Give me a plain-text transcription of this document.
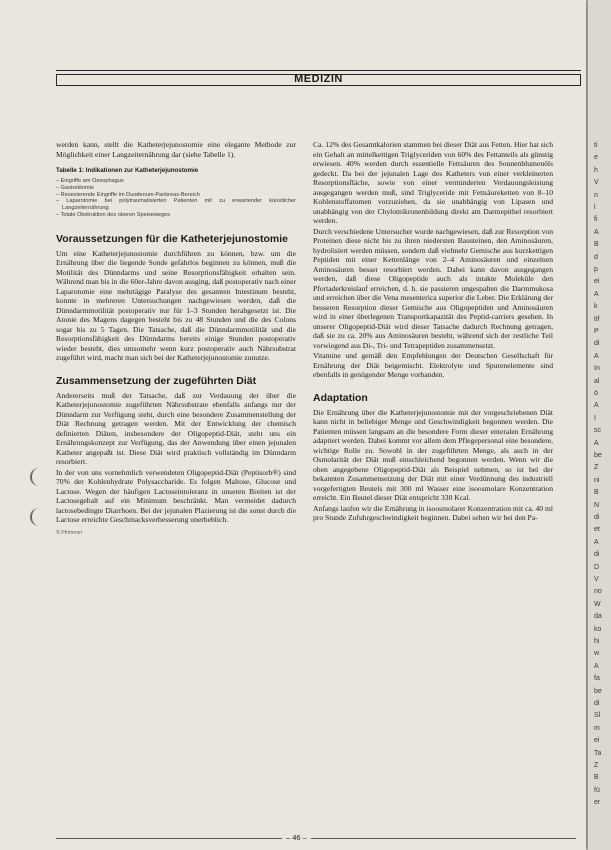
MEDIZIN

werden kann, stellt die Katheterjejunostomie eine elegante Methode zur Möglichkeit einer Langzeiternährung dar (siehe Tabelle 1).

Tabelle 1: Indikationen zur Katheterjejunostomie
– Eingriffe am Oesophagus
– Gastrektomie
– Resezierende Eingriffe im Duodenum-Pankreas-Bereich
– Laparotomie bei polytraumatisierten Patienten mit zu erwartender künstlicher Langzeiternährung
– Totale Obstruktion des oberen Speiseweges
Voraussetzungen für die Katheterjejunostomie

Um eine Katheterjejunostomie durchführen zu können, bzw. um die Ernährung über die liegende Sonde gefahrlos beginnen zu können, muß die Motilität des Dünndarms und seine Resorptionsfähigkeit erhalten sein. Während man bis in die 60er-Jahre davon ausging, daß postoperativ nach einer Laparotomie eine mehrtägige Paralyse des gesamten Intestinum besteht, konnte in mehreren Untersuchungen nachgewiesen werden, daß die Dünndarmmotilität postoperativ nur für 1–3 Stunden herabgesetzt ist. Die Atonie des Magens dagegen besteht bis zu 48 Stunden und die des Colons sogar bis zu 5 Tagen. Die Tatsache, daß die Dünndarmmotilität und die Resorptionsfähigkeit des Dünndarms bereits einige Stunden postoperativ wieder besteht, dies umsomehr wenn kurz postoperativ auch Nährsubstrat zugeführt wird, macht man sich bei der Katheterjejunostomie zunutze.

Zusammensetzung der zugeführten Diät

Andererseits muß der Tatsache, daß zur Verdauung der über die Katheterjejunostomie zugeführten Nährsubstrate ebenfalls anfangs nur der Dünndarm zur Verfügung steht, durch eine besondere Zusammenstellung der Diät Rechnung getragen werden. Mit der Entwicklung der chemisch definierten Diäten, insbesondere der Oligopeptid-Diät, steht uns ein Ernährungskonzept zur Verfügung, das der Anwendung über einen jejunalen Katheter angepaßt ist. Diese Diät wird praktisch vollständig im Dünndarm resorbiert.

In der von uns vornehmlich verwendeten Oligopeptid-Diät (Peptisorb®) sind 70% der Kohlenhydrate Polysaccharide. Es folgen Maltose, Glucose und Lactose. Wegen der häufigen Lactoseintoleranz in unseren Breiten ist der Lactosegehalt auf ein Minimum beschränkt. Man vermeidet dadurch lactosebedingte Diarrhoen. Bei der jejunalen Plazierung ist die sonst durch die Lactose erreichte Geschmacksverbesserung unerheblich.

® Pfrimmer

Ca. 12% des Gesamtkalorien stammen bei dieser Diät aus Fetten. Hier hat sich ein Gehalt an mittelkettigen Triglyceriden von 60% des Fettanteils als günstig erwiesen. 40% werden durch essentielle Fettsäuren des Sonnenblumenöls gedeckt. Da bei der jejunalen Lage des Katheters von einer verkleinerten Resorptionsfläche, sowie von einer verminderten Verdauungsleistung ausgegangen werden muß, sind Triglyceride mit Fettsäureketten von 8–10 Kohlenstoffatomen vorzuziehen, da sie unabhängig von Lipasen und unabhängig von der Chylomikronenbildung direkt am Darmepithel resorbiert werden.

Durch verschiedene Untersucher wurde nachgewiesen, daß zur Resorption von Proteinen diese nicht bis zu ihren niedersten Bausteinen, den Aminosäuren, hydrolisiert werden müssen, sondern daß vielmehr Gemische aus kurzkettigen Peptiden mit einer Kettenlänge von 2–4 Aminosäuren und einzelnen Aminosäuren besser resorbiert werden. Dabei kann davon ausgegangen werden, daß diese Oligopeptide auch als intakte Moleküle den Pfortaderkreislauf erreichen, d. h. sie passieren ungespalten die Darmmukosa und erreichen über die Vena mesenterica superior die Leber. Die Erklärung der besseren Resorption dieser Gemische aus Oligopeptiden und Aminosäuren wird in einer überlegenen Transportkapazität des Peptid-carriers gesehen. In unserer Oligopeptid-Diät wird dieser Tatsache dadurch Rechnung getragen, daß sie zu ca. 20% aus Aminosäuren besteht, während sich der restliche Teil vorwiegend aus Di-, Tri- und Tetrapeptiden zusammensetzt.

Vitamine und gemäß den Empfehlungen der Deutschen Gesellschaft für Ernährung der Diät beigemischt. Elektrolyte und Spurenelemente sind ebenfalls in genügender Menge vorhanden.

Adaptation

Die Ernährung über die Katheterjejunostomie mit der vorgeschriebenen Diät kann nicht in beliebiger Menge und Geschwindigkeit begonnen werden. Die Patienten müssen langsam an die besondere Form dieser enteralen Ernährung adaptiert werden. Dabei kommt vor allem dem Pflegepersonal eine besondere, wichtige Rolle zu. Sowohl in der zugeführten Menge, als auch in der Osmolarität der Diät muß einschleichend begonnen werden. Wenn wir die oben angegebene Oligopeptid-Diät als Beispiel nehmen, so ist bei der bekannten Zusammensetzung der Diät mit einer Verdünnung des industriell vorgefertigten Beutels mit 300 ml Wasser eine isoosmolare Konzentration erreicht. Ein Beutel dieser Diät entspricht 330 Kcal.

Anfangs laufen wir die Ernährung in isoosmolarer Konzentration mit ca. 40 ml pro Stunde Zufuhrgeschwindigkeit beginnen. Dabei sehen wir bei den Pa-

– 46 –
ti
e
h
V
n
l
fi
A
B
d
p
ei
A
k
tif
P
di
A
In
al
ö
A
I
sc
A
be
Z
ni
B
N
di
et
A
di
D
V
no
W
da
ko
hi
w
A
fa
be
di
Sl
m
ei
Ta
Z
B
fü
er
